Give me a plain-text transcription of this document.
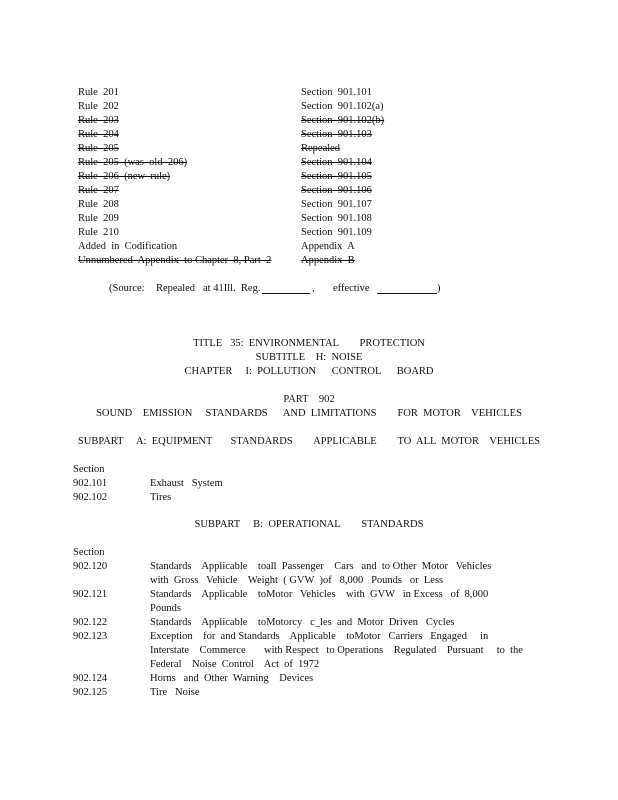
Rule  201	Section  901.101
Rule  202	Section  901.102(a)
Rule  203	Section  901.102(b)
Rule  204	Section  901.103
Rule  205	Repealed
Rule  205  (was  old  206)	Section  901.104
Rule  206  (new  rule)	Section  901.105
Rule  207	Section  901.106
Rule  208	Section  901.107
Rule  209	Section  901.108
Rule  210	Section  901.109
Added  in  Codification	Appendix  A
Unnumbered  Appendix  to Chapter  8, Part  2	Appendix  B
(Source: Repealed at 41Ill.  Reg.	, effective	)
TITLE   35:  ENVIRONMENTAL        PROTECTION
SUBTITLE    H:  NOISE
CHAPTER     I:  POLLUTION      CONTROL      BOARD
PART    902
SOUND    EMISSION     STANDARDS      AND  LIMITATIONS        FOR  MOTOR    VEHICLES
SUBPART     A:  EQUIPMENT       STANDARDS        APPLICABLE        TO  ALL  MOTOR    VEHICLES
Section
902.101	Exhaust   System
902.102	Tires
SUBPART     B:  OPERATIONAL        STANDARDS
Section
902.120	Standards    Applicable    toall  Passenger    Cars   and  to Other  Motor   Vehicles
with  Gross   Vehicle    Weight  ( GVW  )of   8,000   Pounds   or  Less
902.121	Standards    Applicable    toMotor   Vehicles    with  GVW   in Excess   of  8,000
Pounds
902.122	Standards    Applicable    toMotorcy   c_les  and  Motor  Driven   Cycles
902.123	Exception    for  and Standards    Applicable    toMotor   Carriers   Engaged     in
Interstate    Commerce       with Respect   to Operations    Regulated    Pursuant     to  the
Federal    Noise  Control    Act  of  1972
902.124	Horns   and  Other  Warning    Devices
902.125	Tire   Noise
